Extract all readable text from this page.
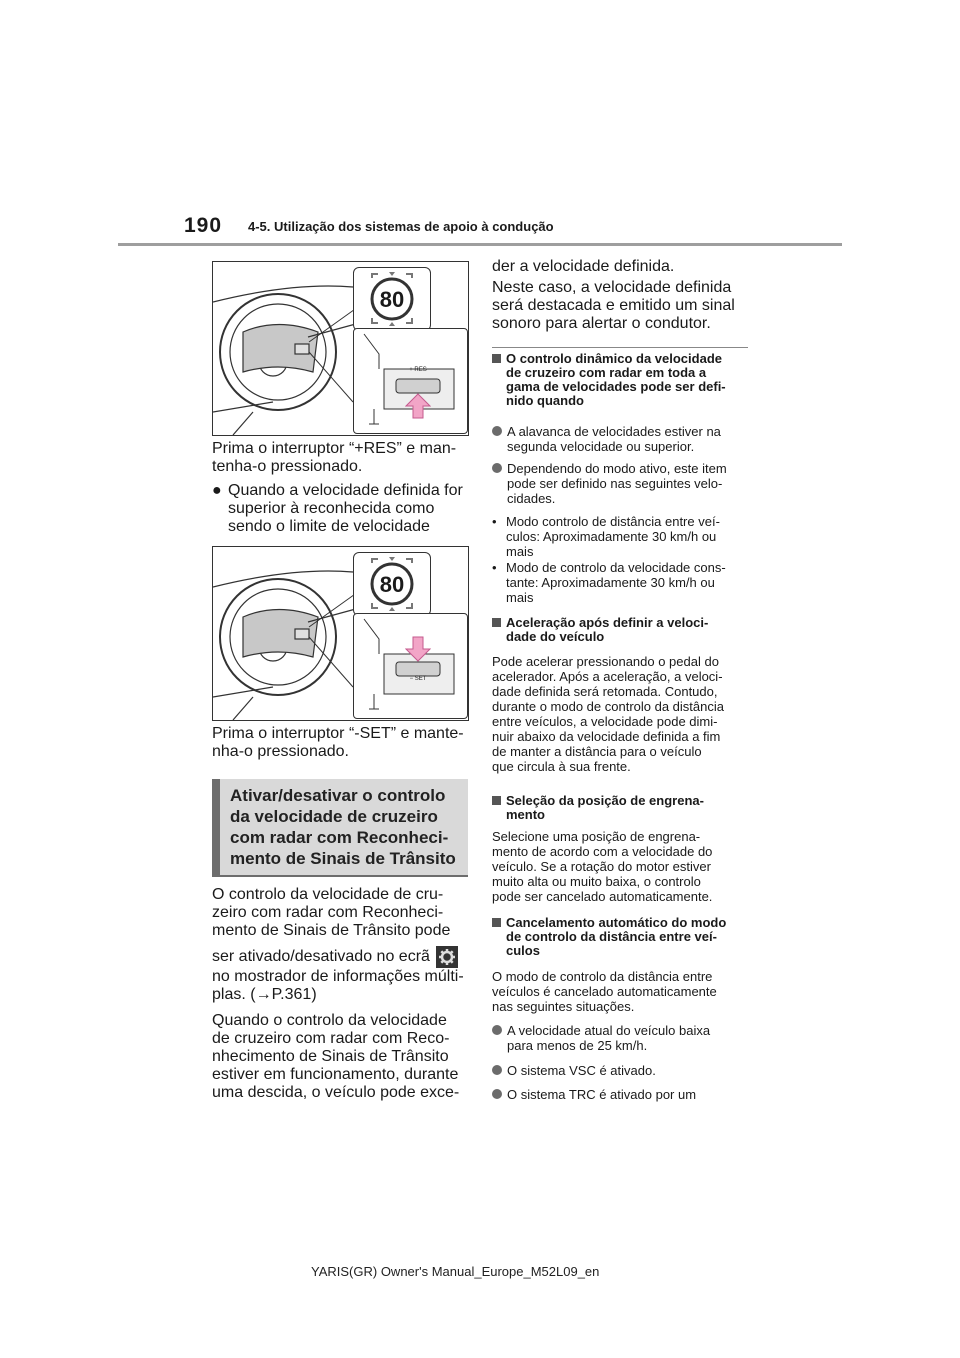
190 4-5. Utilização dos sistemas de apoio à condução
80
+ RES
Prima o interruptor “+RES” e man-
tenha-o pressionado.
● Quando a velocidade definida for
superior à reconhecida como
sendo o limite de velocidade
80
− SET
Prima o interruptor “-SET” e mante-
nha-o pressionado.
Ativar/desativar o controlo
da velocidade de cruzeiro
com radar com Reconheci-
mento de Sinais de Trânsito
O controlo da velocidade de cru-
zeiro com radar com Reconheci-
mento de Sinais de Trânsito pode
ser ativado/desativado no ecrã
no mostrador de informações múlti-
plas. (→P.361)
Quando o controlo da velocidade
de cruzeiro com radar com Reco-
nhecimento de Sinais de Trânsito
estiver em funcionamento, durante
uma descida, o veículo pode exce-
der a velocidade definida.
Neste caso, a velocidade definida
será destacada e emitido um sinal
sonoro para alertar o condutor.
O controlo dinâmico da velocidade
de cruzeiro com radar em toda a
gama de velocidades pode ser defi-
nido quando
A alavanca de velocidades estiver na
segunda velocidade ou superior.
Dependendo do modo ativo, este item
pode ser definido nas seguintes velo-
cidades.
• Modo controlo de distância entre veí-
culos: Aproximadamente 30 km/h ou
mais
• Modo de controlo da velocidade cons-
tante: Aproximadamente 30 km/h ou
mais
Aceleração após definir a veloci-
dade do veículo
Pode acelerar pressionando o pedal do
acelerador. Após a aceleração, a veloci-
dade definida será retomada. Contudo,
durante o modo de controlo da distância
entre veículos, a velocidade pode dimi-
nuir abaixo da velocidade definida a fim
de manter a distância para o veículo
que circula à sua frente.
Seleção da posição de engrena-
mento
Selecione uma posição de engrena-
mento de acordo com a velocidade do
veículo. Se a rotação do motor estiver
muito alta ou muito baixa, o controlo
pode ser cancelado automaticamente.
Cancelamento automático do modo
de controlo da distância entre veí-
culos
O modo de controlo da distância entre
veículos é cancelado automaticamente
nas seguintes situações.
A velocidade atual do veículo baixa
para menos de 25 km/h.
O sistema VSC é ativado.
O sistema TRC é ativado por um
YARIS(GR) Owner's Manual_Europe_M52L09_en
